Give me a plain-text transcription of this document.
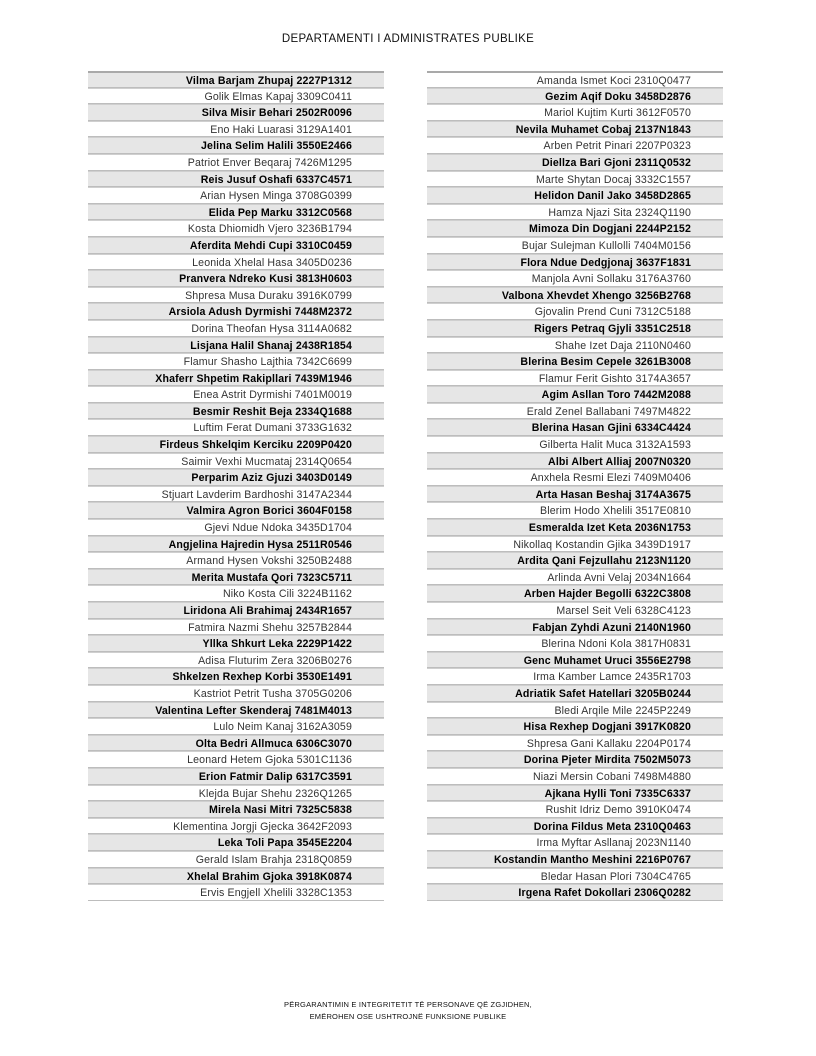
DEPARTAMENTI I ADMINISTRATES PUBLIKE
Vilma Barjam Zhupaj 2227P1312
Golik Elmas Kapaj 3309C0411
Silva Misir Behari 2502R0096
Eno Haki Luarasi 3129A1401
Jelina Selim Halili 3550E2466
Patriot Enver Beqaraj 7426M1295
Reis Jusuf Oshafi 6337C4571
Arian Hysen Minga 3708G0399
Elida Pep Marku 3312C0568
Kosta Dhiomidh Vjero 3236B1794
Aferdita Mehdi Cupi 3310C0459
Leonida Xhelal Hasa 3405D0236
Pranvera Ndreko Kusi 3813H0603
Shpresa Musa Duraku 3916K0799
Arsiola Adush Dyrmishi 7448M2372
Dorina Theofan Hysa 3114A0682
Lisjana Halil Shanaj 2438R1854
Flamur Shasho Lajthia 7342C6699
Xhaferr Shpetim Rakipllari 7439M1946
Enea Astrit Dyrmishi 7401M0019
Besmir Reshit Beja 2334Q1688
Luftim Ferat Dumani 3733G1632
Firdeus Shkelqim Kerciku 2209P0420
Saimir Vexhi Mucmataj 2314Q0654
Perparim Aziz Gjuzi 3403D0149
Stjuart Lavderim Bardhoshi 3147A2344
Valmira Agron Borici 3604F0158
Gjevi Ndue Ndoka 3435D1704
Angjelina Hajredin Hysa 2511R0546
Armand Hysen Vokshi 3250B2488
Merita Mustafa Qori 7323C5711
Niko Kosta Cili 3224B1162
Liridona Ali Brahimaj 2434R1657
Fatmira Nazmi Shehu 3257B2844
Yllka Shkurt Leka 2229P1422
Adisa Fluturim Zera 3206B0276
Shkelzen Rexhep Korbi 3530E1491
Kastriot Petrit Tusha 3705G0206
Valentina Lefter Skenderaj 7481M4013
Lulo Neim Kanaj 3162A3059
Olta Bedri Allmuca 6306C3070
Leonard Hetem Gjoka 5301C1136
Erion Fatmir Dalip 6317C3591
Klejda Bujar Shehu 2326Q1265
Mirela Nasi Mitri 7325C5838
Klementina Jorgji Gjecka 3642F2093
Leka Toli Papa 3545E2204
Gerald Islam Brahja 2318Q0859
Xhelal Brahim Gjoka 3918K0874
Ervis Engjell Xhelili 3328C1353
Amanda Ismet Koci 2310Q0477
Gezim Aqif Doku 3458D2876
Mariol Kujtim Kurti 3612F0570
Nevila Muhamet Cobaj 2137N1843
Arben Petrit Pinari 2207P0323
Diellza Bari Gjoni 2311Q0532
Marte Shytan Docaj 3332C1557
Helidon Danil Jako 3458D2865
Hamza Njazi Sita 2324Q1190
Mimoza Din Dogjani 2244P2152
Bujar Sulejman Kullolli 7404M0156
Flora Ndue Dedgjonaj 3637F1831
Manjola Avni Sollaku 3176A3760
Valbona Xhevdet Xhengo 3256B2768
Gjovalin Prend Cuni 7312C5188
Rigers Petraq Gjyli 3351C2518
Shahe Izet Daja 2110N0460
Blerina Besim Cepele 3261B3008
Flamur Ferit Gishto 3174A3657
Agim Asllan Toro 7442M2088
Erald Zenel Ballabani 7497M4822
Blerina Hasan Gjini 6334C4424
Gilberta Halit Muca 3132A1593
Albi Albert Alliaj 2007N0320
Anxhela Resmi Elezi 7409M0406
Arta Hasan Beshaj 3174A3675
Blerim Hodo Xhelili 3517E0810
Esmeralda Izet Keta 2036N1753
Nikollaq Kostandin Gjika 3439D1917
Ardita Qani Fejzullahu 2123N1120
Arlinda Avni Velaj 2034N1664
Arben Hajder Begolli 6322C3808
Marsel Seit Veli 6328C4123
Fabjan Zyhdi Azuni 2140N1960
Blerina Ndoni Kola 3817H0831
Genc Muhamet Uruci 3556E2798
Irma Kamber Lamce 2435R1703
Adriatik Safet Hatellari 3205B0244
Bledi Arqile Mile 2245P2249
Hisa Rexhep Dogjani 3917K0820
Shpresa Gani Kallaku 2204P0174
Dorina Pjeter Mirdita 7502M5073
Niazi Mersin Cobani 7498M4880
Ajkana Hylli Toni 7335C6337
Rushit Idriz Demo 3910K0474
Dorina Fildus Meta 2310Q0463
Irma Myftar Asllanaj 2023N1140
Kostandin Mantho Meshini 2216P0767
Bledar Hasan Plori 7304C4765
Irgena Rafet Dokollari 2306Q0282
PËRGARANTIMIN E INTEGRITETIT TË PERSONAVE QË ZGJIDHEN,
EMËROHEN OSE USHTROJNË FUNKSIONE PUBLIKE
